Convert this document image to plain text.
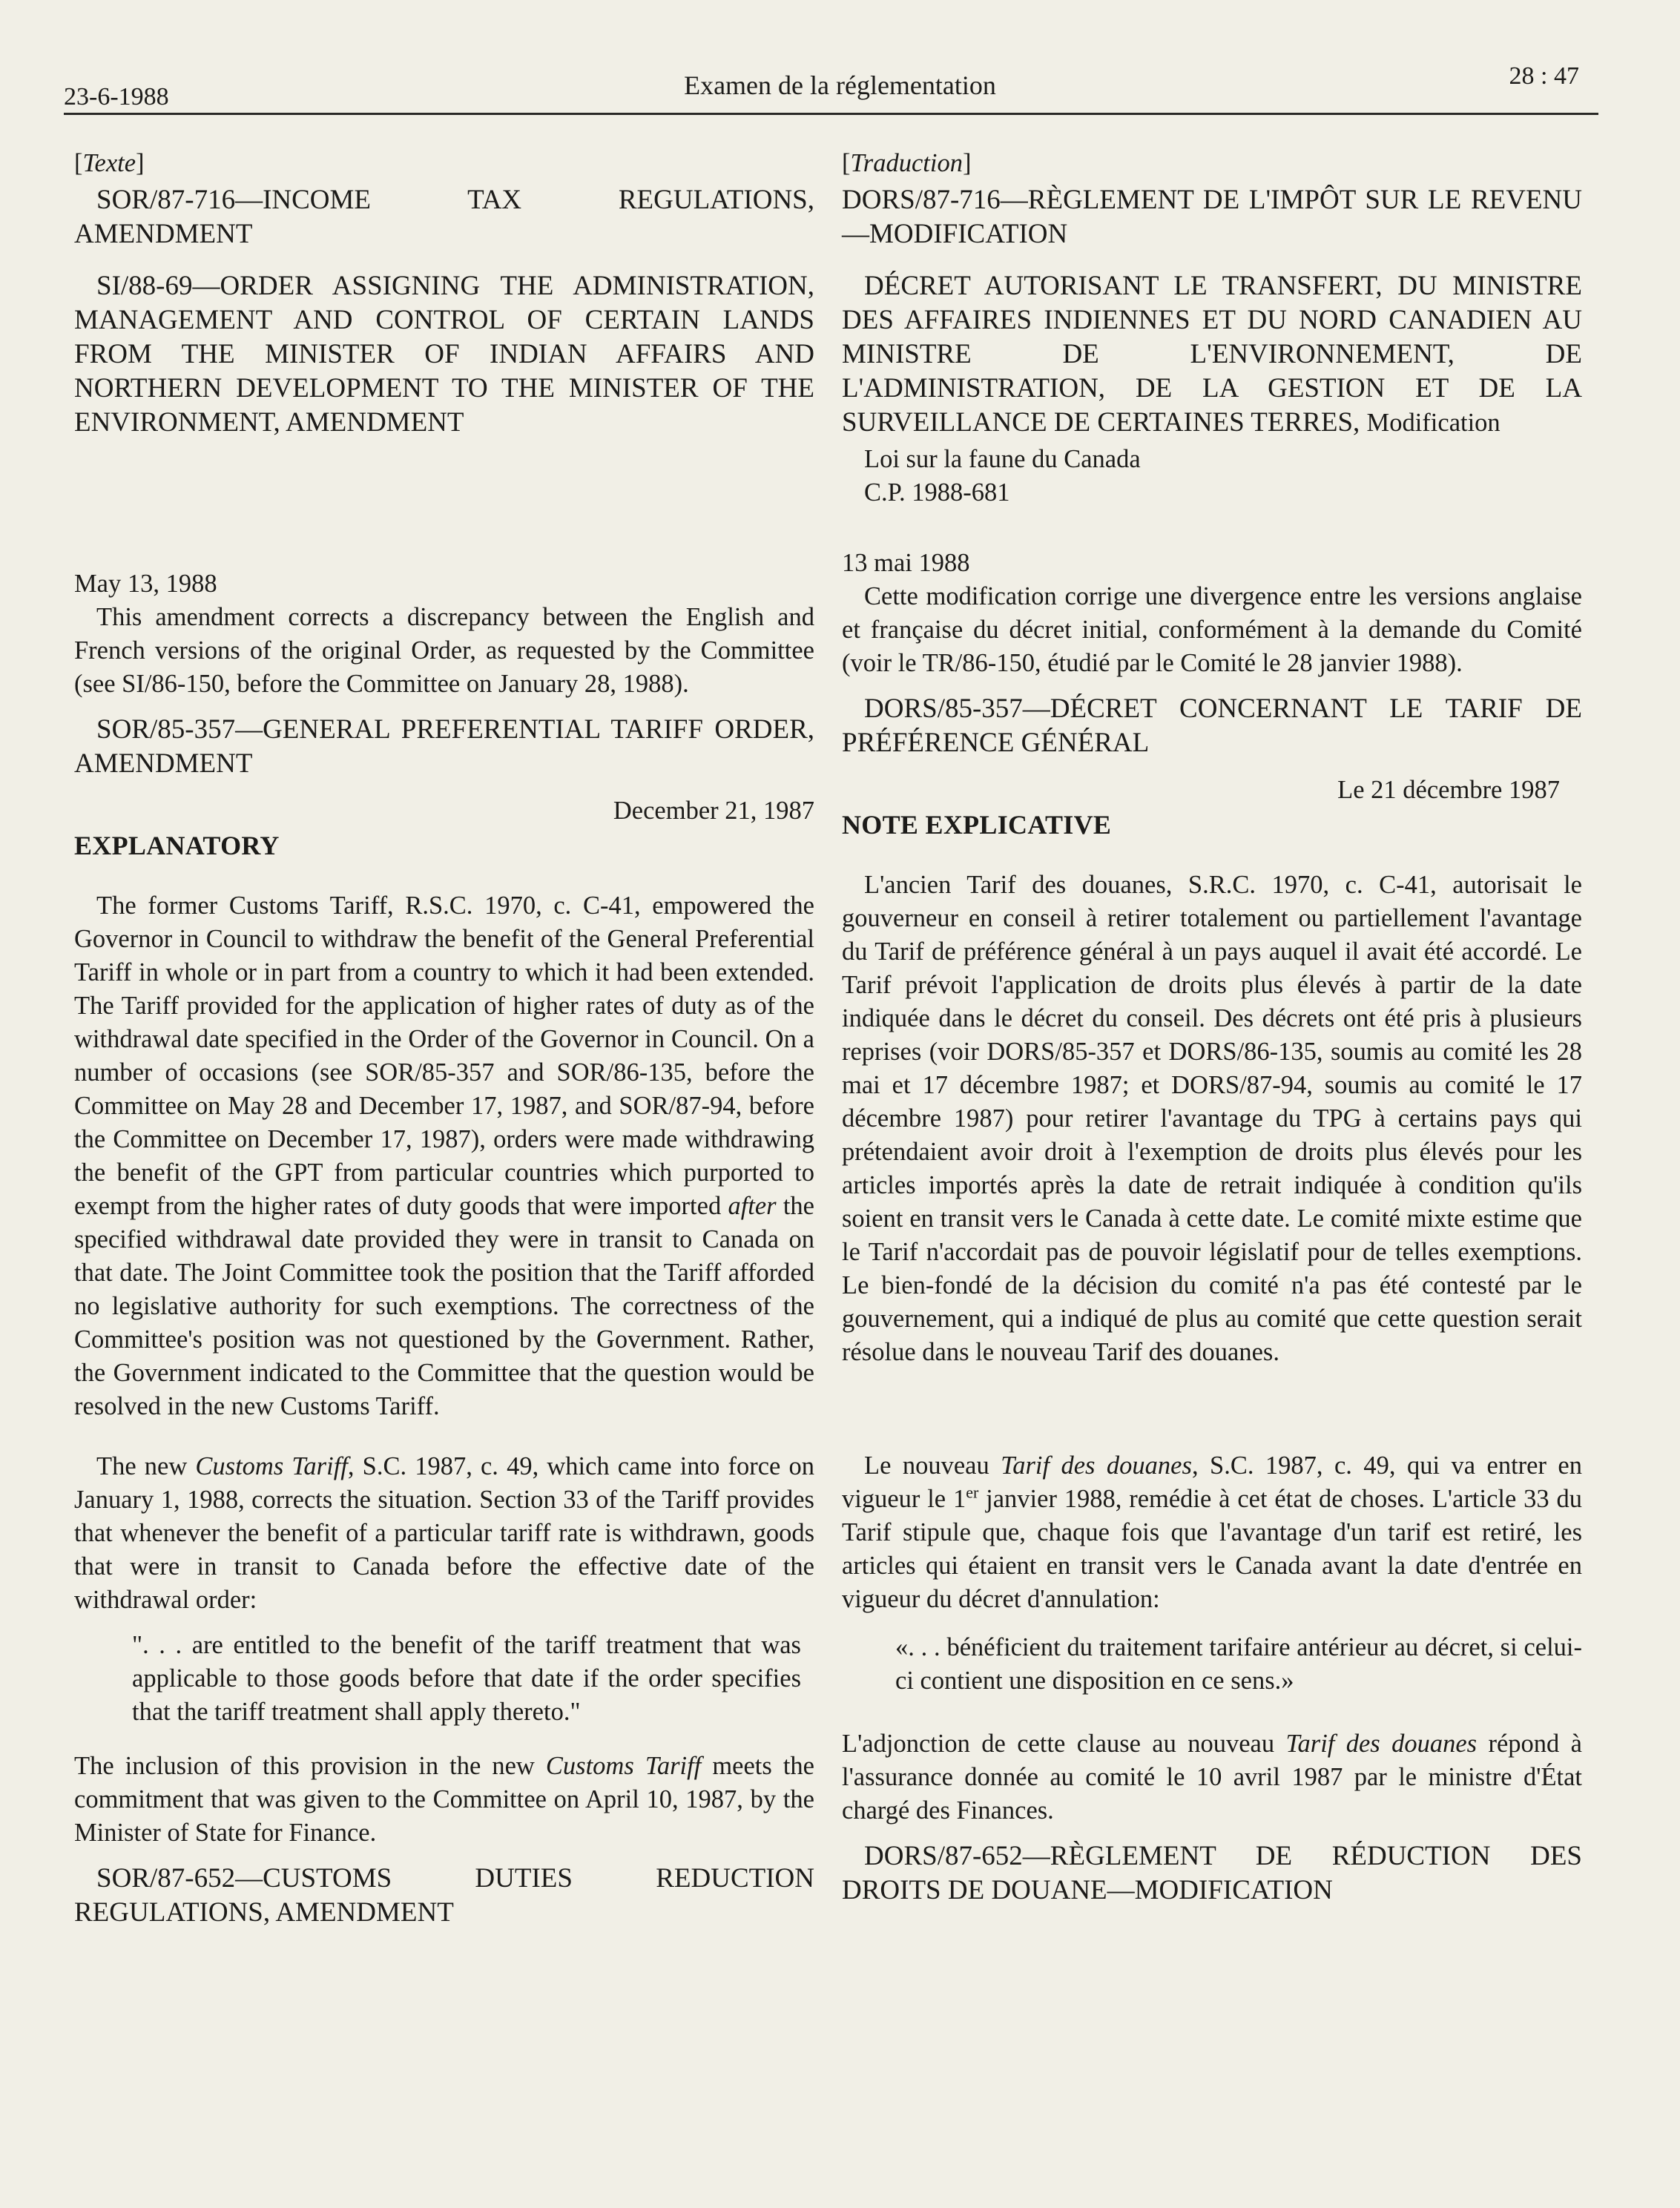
23-6-1988	Examen de la réglementation	28 : 47

[Texte]

SOR/87-716—INCOME TAX REGULATIONS, AMENDMENT

SI/88-69—ORDER ASSIGNING THE ADMINISTRATION, MANAGEMENT AND CONTROL OF CERTAIN LANDS FROM THE MINISTER OF INDIAN AFFAIRS AND NORTHERN DEVELOPMENT TO THE MINISTER OF THE ENVIRONMENT, AMENDMENT

May 13, 1988

This amendment corrects a discrepancy between the English and French versions of the original Order, as requested by the Committee (see SI/86-150, before the Committee on January 28, 1988).

SOR/85-357—GENERAL PREFERENTIAL TARIFF ORDER, AMENDMENT

December 21, 1987

EXPLANATORY

The former Customs Tariff, R.S.C. 1970, c. C-41, empowered the Governor in Council to withdraw the benefit of the General Preferential Tariff in whole or in part from a country to which it had been extended. The Tariff provided for the application of higher rates of duty as of the withdrawal date specified in the Order of the Governor in Council. On a number of occasions (see SOR/85-357 and SOR/86-135, before the Committee on May 28 and December 17, 1987, and SOR/87-94, before the Committee on December 17, 1987), orders were made withdrawing the benefit of the GPT from particular countries which purported to exempt from the higher rates of duty goods that were imported after the specified withdrawal date provided they were in transit to Canada on that date. The Joint Committee took the position that the Tariff afforded no legislative authority for such exemptions. The correctness of the Committee's position was not questioned by the Government. Rather, the Government indicated to the Committee that the question would be resolved in the new Customs Tariff.

The new Customs Tariff, S.C. 1987, c. 49, which came into force on January 1, 1988, corrects the situation. Section 33 of the Tariff provides that whenever the benefit of a particular tariff rate is withdrawn, goods that were in transit to Canada before the effective date of the withdrawal order:

". . . are entitled to the benefit of the tariff treatment that was applicable to those goods before that date if the order specifies that the tariff treatment shall apply thereto."

The inclusion of this provision in the new Customs Tariff meets the commitment that was given to the Committee on April 10, 1987, by the Minister of State for Finance.

SOR/87-652—CUSTOMS DUTIES REDUCTION REGULATIONS, AMENDMENT

[Traduction]

DORS/87-716—RÈGLEMENT DE L'IMPÔT SUR LE REVENU—MODIFICATION

DÉCRET AUTORISANT LE TRANSFERT, DU MINISTRE DES AFFAIRES INDIENNES ET DU NORD CANADIEN AU MINISTRE DE L'ENVIRONNEMENT, DE L'ADMINISTRATION, DE LA GESTION ET DE LA SURVEILLANCE DE CERTAINES TERRES, Modification

Loi sur la faune du Canada

C.P. 1988-681

13 mai 1988

Cette modification corrige une divergence entre les versions anglaise et française du décret initial, conformément à la demande du Comité (voir le TR/86-150, étudié par le Comité le 28 janvier 1988).

DORS/85-357—DÉCRET CONCERNANT LE TARIF DE PRÉFÉRENCE GÉNÉRAL

Le 21 décembre 1987

NOTE EXPLICATIVE

L'ancien Tarif des douanes, S.R.C. 1970, c. C-41, autorisait le gouverneur en conseil à retirer totalement ou partiellement l'avantage du Tarif de préférence général à un pays auquel il avait été accordé. Le Tarif prévoit l'application de droits plus élevés à partir de la date indiquée dans le décret du conseil. Des décrets ont été pris à plusieurs reprises (voir DORS/85-357 et DORS/86-135, soumis au comité les 28 mai et 17 décembre 1987; et DORS/87-94, soumis au comité le 17 décembre 1987) pour retirer l'avantage du TPG à certains pays qui prétendaient avoir droit à l'exemption de droits plus élevés pour les articles importés après la date de retrait indiquée à condition qu'ils soient en transit vers le Canada à cette date. Le comité mixte estime que le Tarif n'accordait pas de pouvoir législatif pour de telles exemptions. Le bien-fondé de la décision du comité n'a pas été contesté par le gouvernement, qui a indiqué de plus au comité que cette question serait résolue dans le nouveau Tarif des douanes.

Le nouveau Tarif des douanes, S.C. 1987, c. 49, qui va entrer en vigueur le 1er janvier 1988, remédie à cet état de choses. L'article 33 du Tarif stipule que, chaque fois que l'avantage d'un tarif est retiré, les articles qui étaient en transit vers le Canada avant la date d'entrée en vigueur du décret d'annulation:

«. . . bénéficient du traitement tarifaire antérieur au décret, si celui-ci contient une disposition en ce sens.»

L'adjonction de cette clause au nouveau Tarif des douanes répond à l'assurance donnée au comité le 10 avril 1987 par le ministre d'État chargé des Finances.

DORS/87-652—RÈGLEMENT DE RÉDUCTION DES DROITS DE DOUANE—MODIFICATION
